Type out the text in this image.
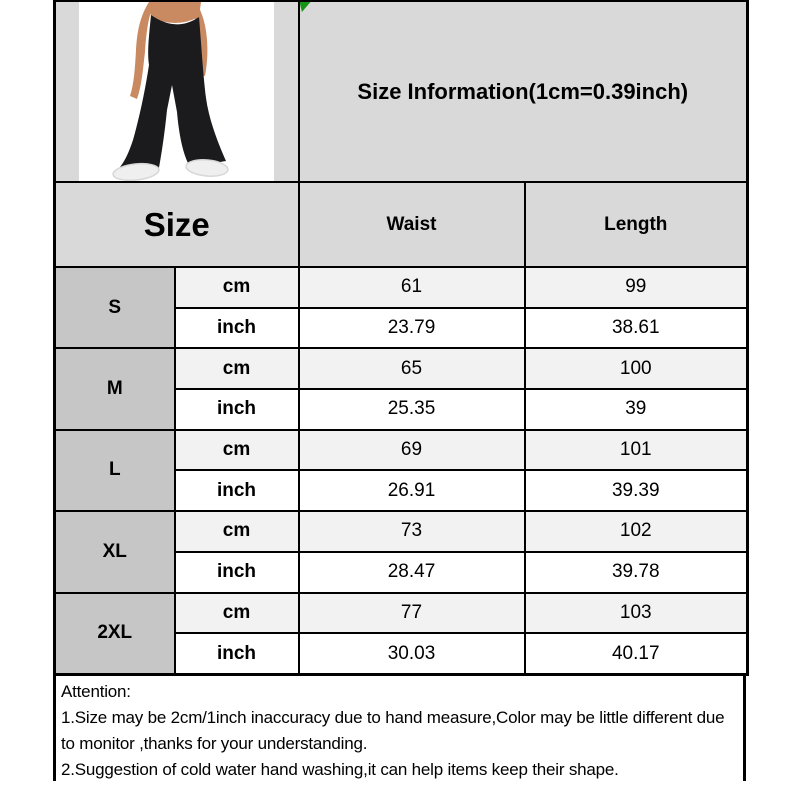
Size Information(1cm=0.39inch)	
Size		Waist	Length
S	cm	61	99
	inch	23.79	38.61
M	cm	65	100
	inch	25.35	39
L	cm	69	101
	inch	26.91	39.39
XL	cm	73	102
	inch	28.47	39.78
2XL	cm	77	103
	inch	30.03	40.17
Attention:
1.Size may be 2cm/1inch inaccuracy due to hand measure,Color may be little different due to monitor ,thanks for your understanding.
2.Suggestion of cold water hand washing,it can help items keep their shape.
